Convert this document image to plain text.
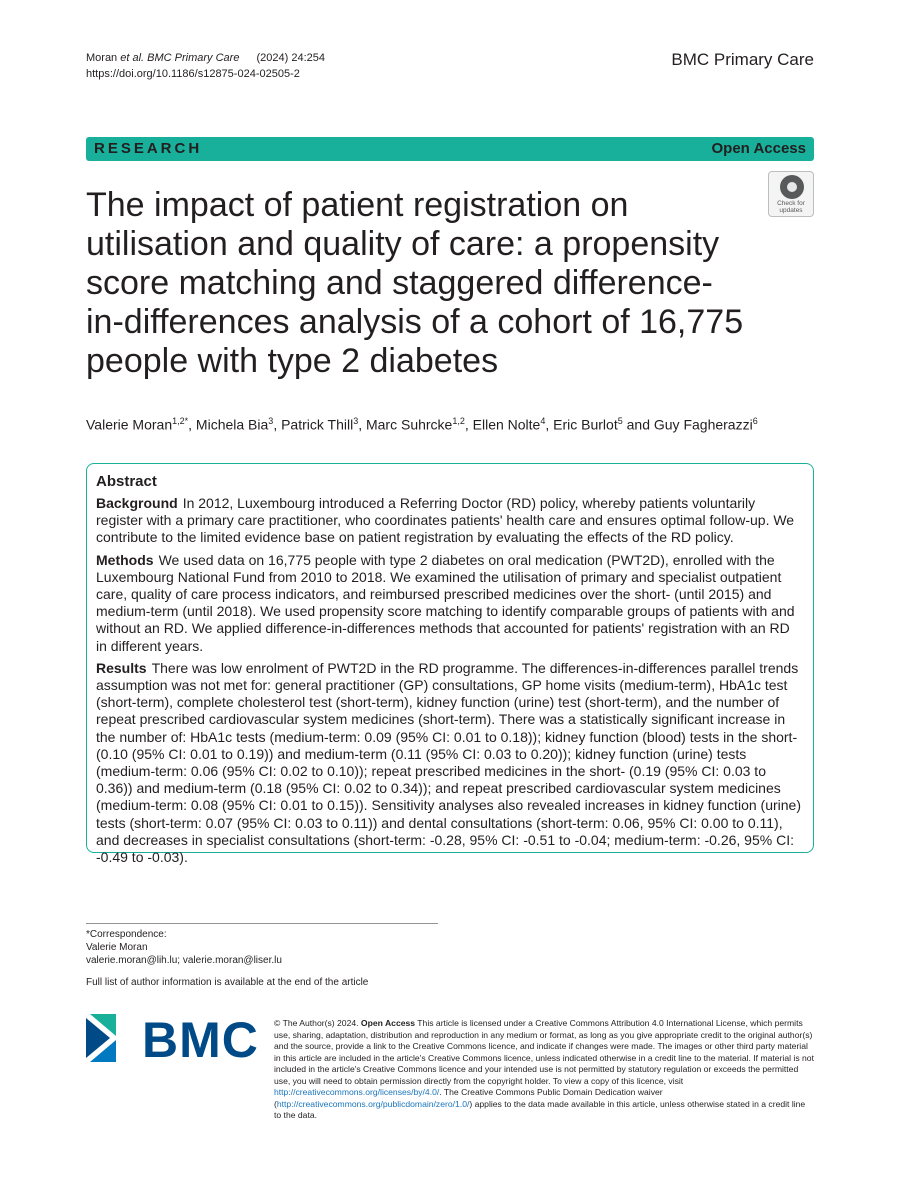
Moran et al. BMC Primary Care (2024) 24:254
https://doi.org/10.1186/s12875-024-02505-2
BMC Primary Care
RESEARCH	Open Access
Check for
updates
The impact of patient registration on utilisation and quality of care: a propensity score matching and staggered difference-in-differences analysis of a cohort of 16,775 people with type 2 diabetes
Valerie Moran$^{1,2*}$, Michela Bia$^3$, Patrick Thill$^3$, Marc Suhrcke$^{1,2}$, Ellen Nolte$^4$, Eric Burlot$^5$ and Guy Fagherazzi$^6$
Abstract

Background In 2012, Luxembourg introduced a Referring Doctor (RD) policy, whereby patients voluntarily register with a primary care practitioner, who coordinates patients' health care and ensures optimal follow-up. We contribute to the limited evidence base on patient registration by evaluating the effects of the RD policy.

Methods We used data on 16,775 people with type 2 diabetes on oral medication (PWT2D), enrolled with the Luxembourg National Fund from 2010 to 2018. We examined the utilisation of primary and specialist outpatient care, quality of care process indicators, and reimbursed prescribed medicines over the short- (until 2015) and medium-term (until 2018). We used propensity score matching to identify comparable groups of patients with and without an RD. We applied difference-in-differences methods that accounted for patients' registration with an RD in different years.

Results There was low enrolment of PWT2D in the RD programme. The differences-in-differences parallel trends assumption was not met for: general practitioner (GP) consultations, GP home visits (medium-term), HbA1c test (short-term), complete cholesterol test (short-term), kidney function (urine) test (short-term), and the number of repeat prescribed cardiovascular system medicines (short-term). There was a statistically significant increase in the number of: HbA1c tests (medium-term: 0.09 (95% CI: 0.01 to 0.18)); kidney function (blood) tests in the short- (0.10 (95% CI: 0.01 to 0.19)) and medium-term (0.11 (95% CI: 0.03 to 0.20)); kidney function (urine) tests (medium-term: 0.06 (95% CI: 0.02 to 0.10)); repeat prescribed medicines in the short- (0.19 (95% CI: 0.03 to 0.36)) and medium-term (0.18 (95% CI: 0.02 to 0.34)); and repeat prescribed cardiovascular system medicines (medium-term: 0.08 (95% CI: 0.01 to 0.15)). Sensitivity analyses also revealed increases in kidney function (urine) tests (short-term: 0.07 (95% CI: 0.03 to 0.11)) and dental consultations (short-term: 0.06, 95% CI: 0.00 to 0.11), and decreases in specialist consultations (short-term: -0.28, 95% CI: -0.51 to -0.04; medium-term: -0.26, 95% CI: -0.49 to -0.03).

*Correspondence:
Valerie Moran
valerie.moran@lih.lu; valerie.moran@liser.lu
Full list of author information is available at the end of the article
BMC © The Author(s) 2024. Open Access This article is licensed under a Creative Commons Attribution 4.0 International License, which permits use, sharing, adaptation, distribution and reproduction in any medium or format, as long as you give appropriate credit to the original author(s) and the source, provide a link to the Creative Commons licence, and indicate if changes were made. The images or other third party material in this article are included in the article's Creative Commons licence, unless indicated otherwise in a credit line to the material. If material is not included in the article's Creative Commons licence and your intended use is not permitted by statutory regulation or exceeds the permitted use, you will need to obtain permission directly from the copyright holder. To view a copy of this licence, visit http://creativecommons.org/licenses/by/4.0/. The Creative Commons Public Domain Dedication waiver (http://creativecommons.org/publicdomain/zero/1.0/) applies to the data made available in this article, unless otherwise stated in a credit line to the data.
